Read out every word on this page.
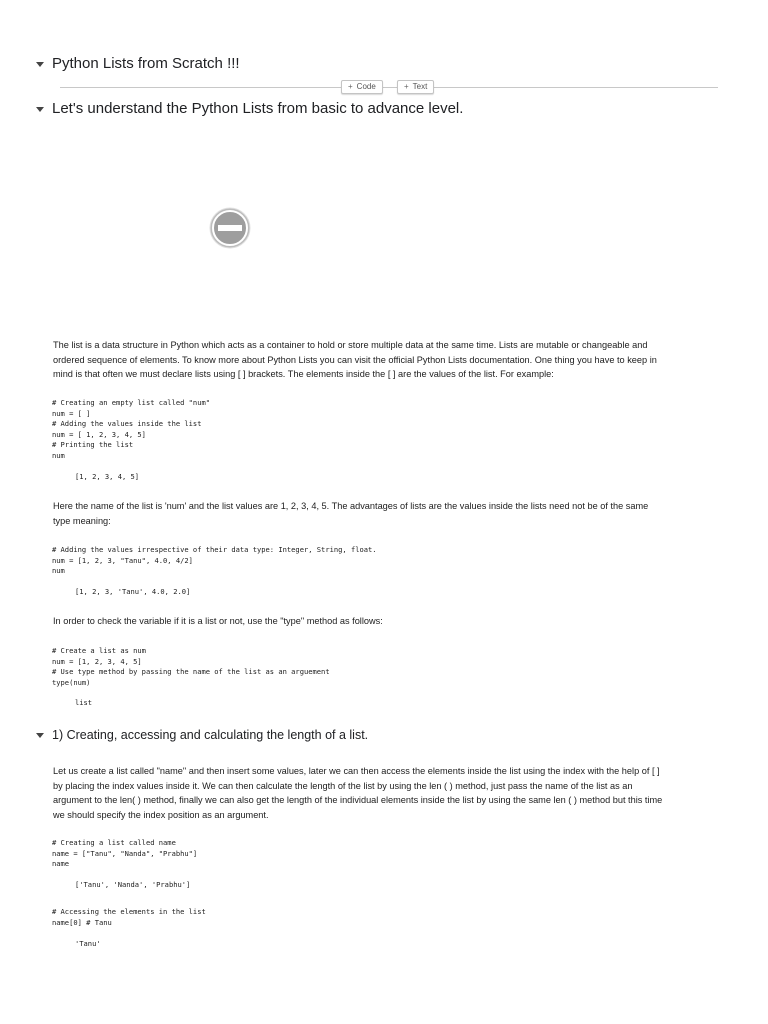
Python Lists from Scratch !!!
+ Code	+ Text
Let's understand the Python Lists from basic to advance level.
The list is a data structure in Python which acts as a container to hold or store multiple data at the same time. Lists are mutable or changeable and ordered sequence of elements. To know more about Python Lists you can visit the official Python Lists documentation. One thing you have to keep in mind is that often we must declare lists using [ ] brackets. The elements inside the [ ] are the values of the list. For example:
# Creating an empty list called "num"
num = [ ]
# Adding the values inside the list
num = [ 1, 2, 3, 4, 5]
# Printing the list
num
[1, 2, 3, 4, 5]
Here the name of the list is 'num' and the list values are 1, 2, 3, 4, 5. The advantages of lists are the values inside the lists need not be of the same type meaning:
# Adding the values irrespective of their data type: Integer, String, float.
num = [1, 2, 3, "Tanu", 4.0, 4/2]
num
[1, 2, 3, 'Tanu', 4.0, 2.0]
In order to check the variable if it is a list or not, use the "type" method as follows:
# Create a list as num
num = [1, 2, 3, 4, 5]
# Use type method by passing the name of the list as an arguement
type(num)
list
1) Creating, accessing and calculating the length of a list.
Let us create a list called "name" and then insert some values, later we can then access the elements inside the list using the index with the help of [ ] by placing the index values inside it. We can then calculate the length of the list by using the len ( ) method, just pass the name of the list as an argument to the len( ) method, finally we can also get the length of the individual elements inside the list by using the same len ( ) method but this time we should specify the index position as an argument.
# Creating a list called name
name = ["Tanu", "Nanda", "Prabhu"]
name
['Tanu', 'Nanda', 'Prabhu']
# Accessing the elements in the list
name[0] # Tanu
'Tanu'
